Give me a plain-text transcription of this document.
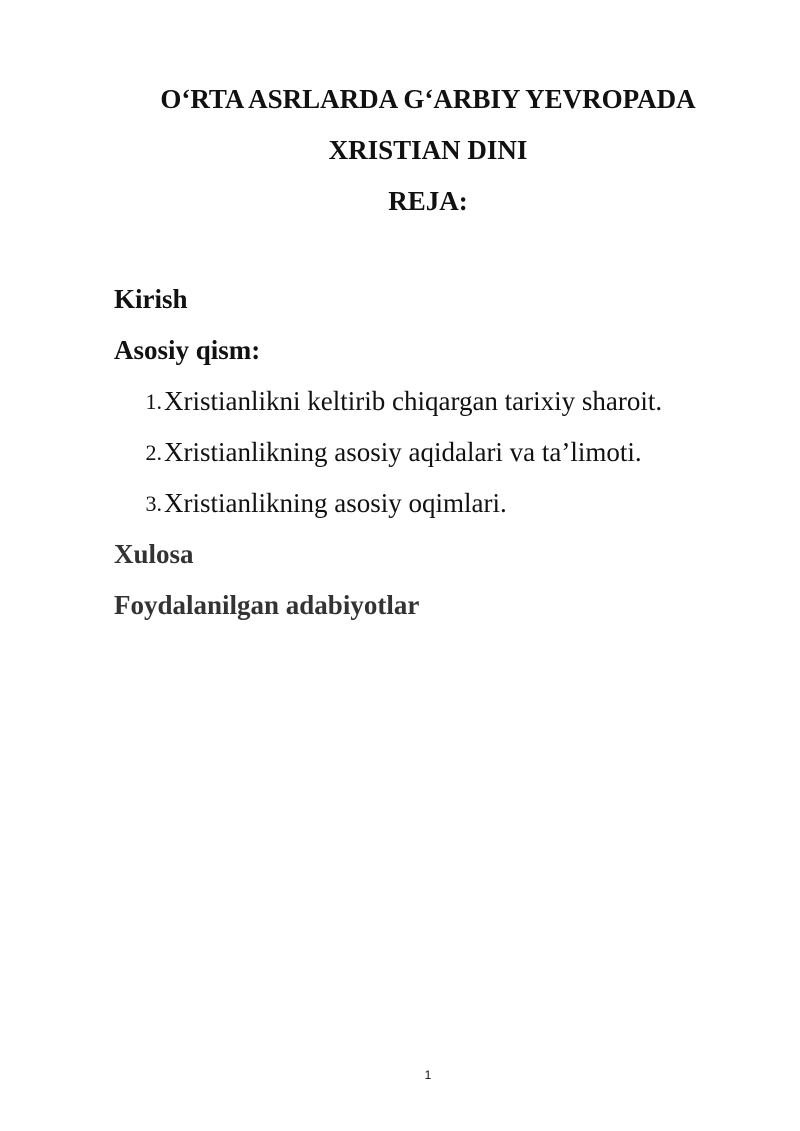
O‘RTA ASRLARDA G‘ARBIY YEVROPADA
XRISTIAN DINI
REJA:
Kirish
Asosiy qism:
1. Xristianlikni keltirib chiqargan tarixiy sharoit.
2. Xristianlikning asosiy aqidalari va ta’limoti.
3. Xristianlikning asosiy oqimlari.
Xulosa
Foydalanilgan adabiyotlar
1
